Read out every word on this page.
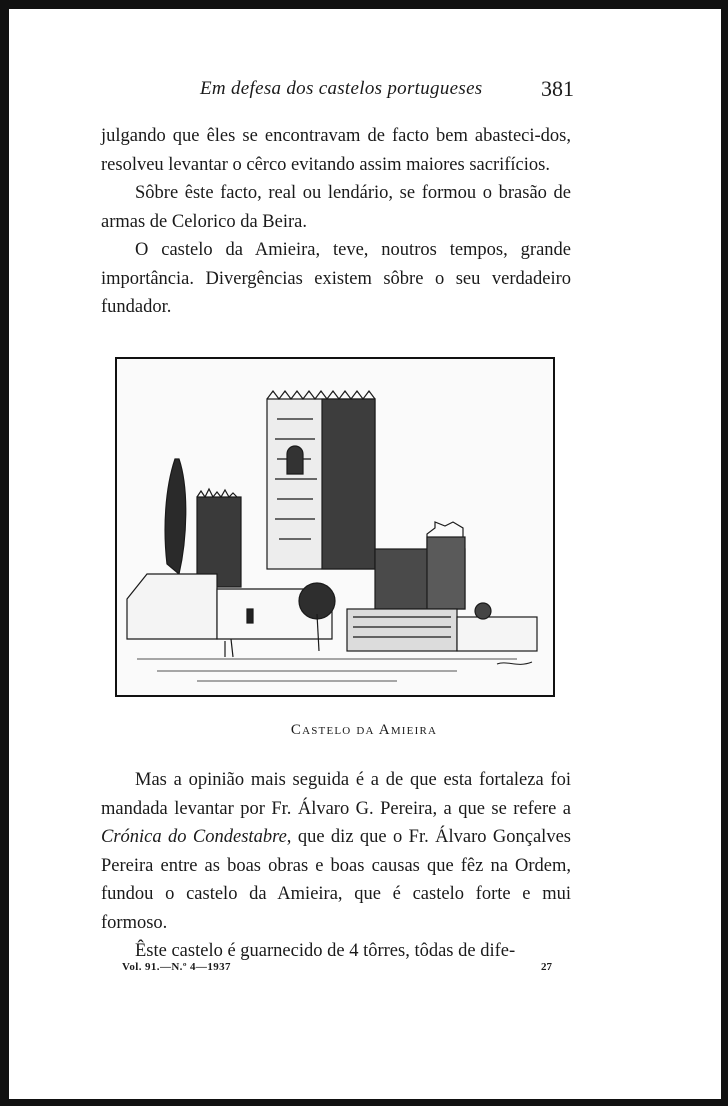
Em defesa dos castelos portugueses	381

julgando que êles se encontravam de facto bem abasteci-dos, resolveu levantar o cêrco evitando assim maiores sacrifícios.

Sôbre êste facto, real ou lendário, se formou o brasão de armas de Celorico da Beira.

O castelo da Amieira, teve, noutros tempos, grande importância. Divergências existem sôbre o seu verdadeiro fundador.

Castelo da Amieira

Mas a opinião mais seguida é a de que esta fortaleza foi mandada levantar por Fr. Álvaro G. Pereira, a que se refere a Crónica do Condestabre, que diz que o Fr. Álvaro Gonçalves Pereira entre as boas obras e boas causas que fêz na Ordem, fundou o castelo da Amieira, que é castelo forte e mui formoso.

Êste castelo é guarnecido de 4 tôrres, tôdas de dife-

Vol. 91.—N.º 4—1937	27
